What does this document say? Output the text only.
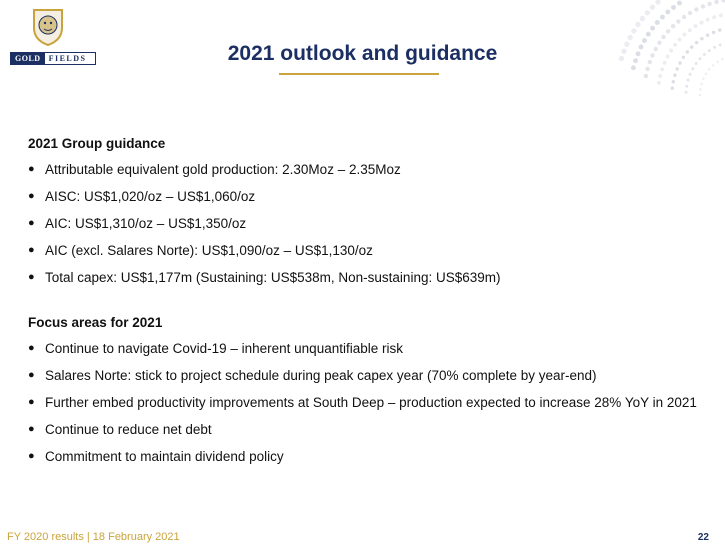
GOLD	FIELDS	2021 outlook and guidance
2021 Group guidance
● Attributable equivalent gold production: 2.30Moz – 2.35Moz
● AISC: US$1,020/oz – US$1,060/oz
● AIC: US$1,310/oz – US$1,350/oz
● AIC (excl. Salares Norte): US$1,090/oz – US$1,130/oz
● Total capex: US$1,177m (Sustaining: US$538m, Non-sustaining: US$639m)
Focus areas for 2021
● Continue to navigate Covid-19 – inherent unquantifiable risk
● Salares Norte: stick to project schedule during peak capex year (70% complete by year-end)
● Further embed productivity improvements at South Deep – production expected to increase 28% YoY in 2021
● Continue to reduce net debt
● Commitment to maintain dividend policy
FY 2020 results | 18 February 2021	22
